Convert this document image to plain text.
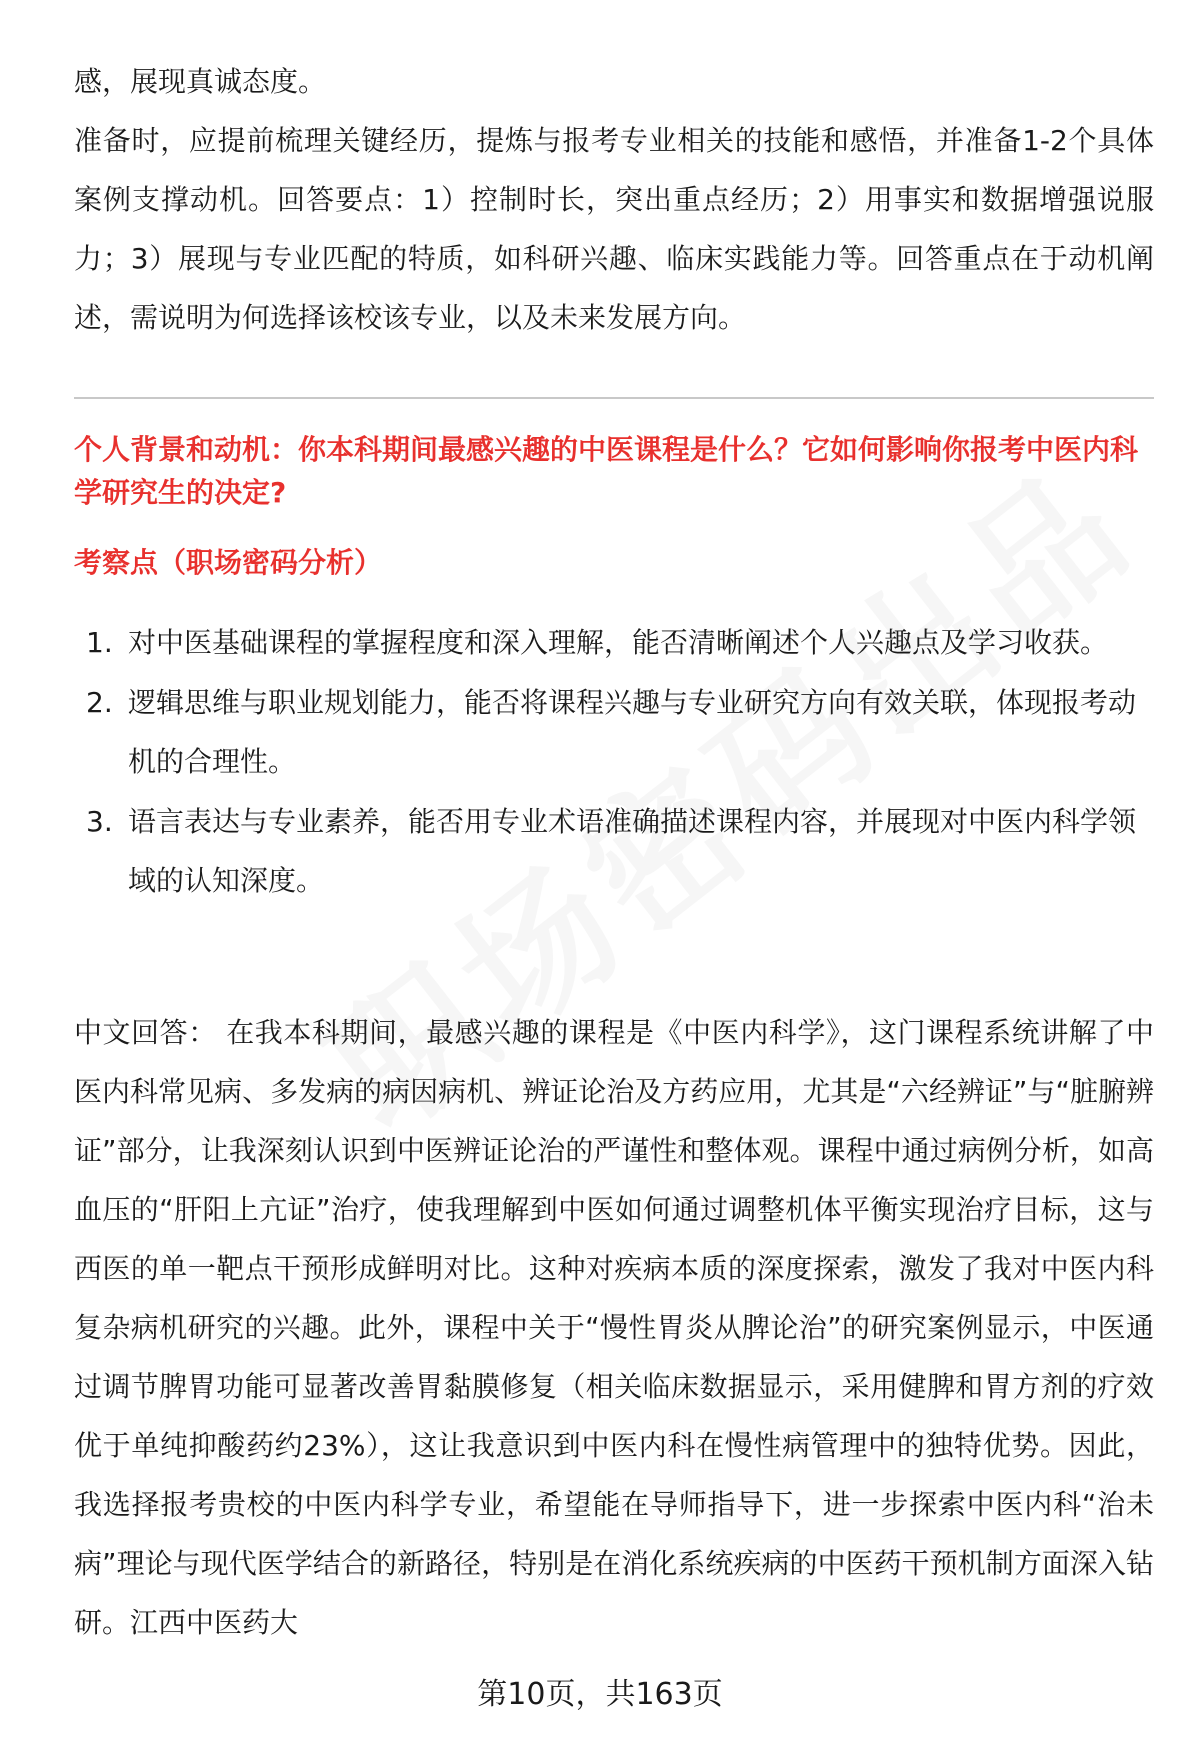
感，展现真诚态度。

准备时，应提前梳理关键经历，提炼与报考专业相关的技能和感悟，并准备1-2个具体案例支撑动机。回答要点：1）控制时长，突出重点经历；2）用事实和数据增强说服力；3）展现与专业匹配的特质，如科研兴趣、临床实践能力等。回答重点在于动机阐述，需说明为何选择该校该专业，以及未来发展方向。

个人背景和动机：你本科期间最感兴趣的中医课程是什么？它如何影响你报考中医内科学研究生的决定?
考察点（职场密码分析）
1. 对中医基础课程的掌握程度和深入理解，能否清晰阐述个人兴趣点及学习收获。
2. 逻辑思维与职业规划能力，能否将课程兴趣与专业研究方向有效关联，体现报考动机的合理性。
3. 语言表达与专业素养，能否用专业术语准确描述课程内容，并展现对中医内科学领域的认知深度。

中文回答： 在我本科期间，最感兴趣的课程是《中医内科学》，这门课程系统讲解了中医内科常见病、多发病的病因病机、辨证论治及方药应用，尤其是“六经辨证”与“脏腑辨证”部分，让我深刻认识到中医辨证论治的严谨性和整体观。课程中通过病例分析，如高血压的“肝阳上亢证”治疗，使我理解到中医如何通过调整机体平衡实现治疗目标，这与西医的单一靶点干预形成鲜明对比。这种对疾病本质的深度探索，激发了我对中医内科复杂病机研究的兴趣。此外，课程中关于“慢性胃炎从脾论治”的研究案例显示，中医通过调节脾胃功能可显著改善胃黏膜修复（相关临床数据显示，采用健脾和胃方剂的疗效优于单纯抑酸药约23%），这让我意识到中医内科在慢性病管理中的独特优势。因此，我选择报考贵校的中医内科学专业，希望能在导师指导下，进一步探索中医内科“治未病”理论与现代医学结合的新路径，特别是在消化系统疾病的中医药干预机制方面深入钻研。江西中医药大

第10页，共163页
